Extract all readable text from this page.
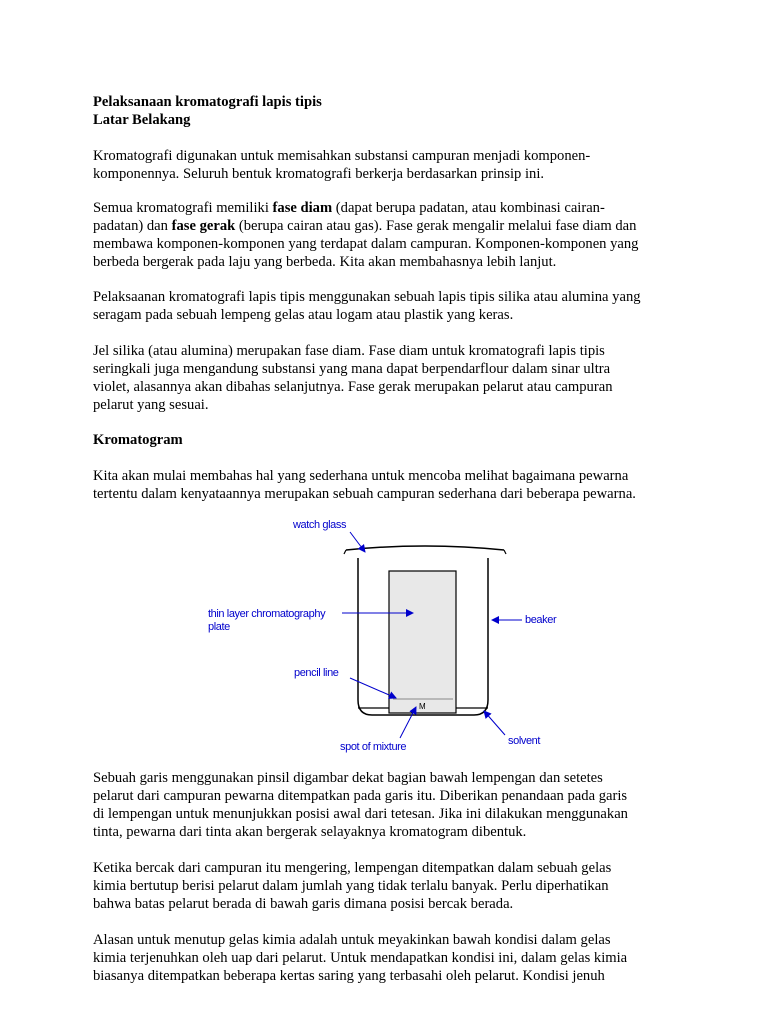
Pelaksanaan kromatografi lapis tipis

Latar Belakang

Kromatografi digunakan untuk memisahkan substansi campuran menjadi komponen-

komponennya. Seluruh bentuk kromatografi berkerja berdasarkan prinsip ini.

Semua kromatografi memiliki fase diam (dapat berupa padatan, atau kombinasi cairan-

padatan) dan fase gerak (berupa cairan atau gas). Fase gerak mengalir melalui fase diam dan

membawa komponen-komponen yang terdapat dalam campuran. Komponen-komponen yang

berbeda bergerak pada laju yang berbeda. Kita akan membahasnya lebih lanjut.

Pelaksaanan kromatografi lapis tipis menggunakan sebuah lapis tipis silika atau alumina yang

seragam pada sebuah lempeng gelas atau logam atau plastik yang keras.

Jel silika (atau alumina) merupakan fase diam. Fase diam untuk kromatografi lapis tipis

seringkali juga mengandung substansi yang mana dapat berpendarflour dalam sinar ultra

violet, alasannya akan dibahas selanjutnya. Fase gerak merupakan pelarut atau campuran

pelarut yang sesuai.

Kromatogram

Kita akan mulai membahas hal yang sederhana untuk mencoba melihat bagaimana pewarna

tertentu dalam kenyataannya merupakan sebuah campuran sederhana dari beberapa pewarna.

M
watch glass
thin layer chromatography
plate
beaker
pencil line
spot of mixture	solvent

Sebuah garis menggunakan pinsil digambar dekat bagian bawah lempengan dan setetes

pelarut dari campuran pewarna ditempatkan pada garis itu. Diberikan penandaan pada garis

di lempengan untuk menunjukkan posisi awal dari tetesan. Jika ini dilakukan menggunakan

tinta, pewarna dari tinta akan bergerak selayaknya kromatogram dibentuk.

Ketika bercak dari campuran itu mengering, lempengan ditempatkan dalam sebuah gelas

kimia bertutup berisi pelarut dalam jumlah yang tidak terlalu banyak. Perlu diperhatikan

bahwa batas pelarut berada di bawah garis dimana posisi bercak berada.

Alasan untuk menutup gelas kimia adalah untuk meyakinkan bawah kondisi dalam gelas

kimia terjenuhkan oleh uap dari pelarut. Untuk mendapatkan kondisi ini, dalam gelas kimia

biasanya ditempatkan beberapa kertas saring yang terbasahi oleh pelarut. Kondisi jenuh
